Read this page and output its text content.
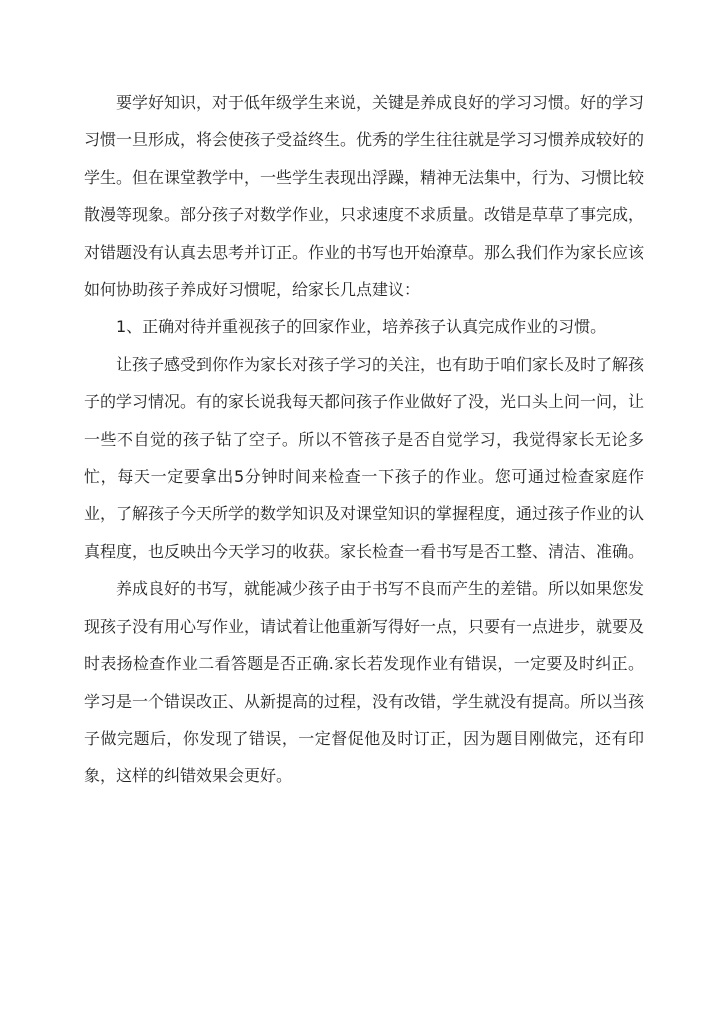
要学好知识，对于低年级学生来说，关键是养成良好的学习习惯。好的学习习惯一旦形成，将会使孩子受益终生。优秀的学生往往就是学习习惯养成较好的学生。但在课堂教学中，一些学生表现出浮躁，精神无法集中，行为、习惯比较散漫等现象。部分孩子对数学作业，只求速度不求质量。改错是草草了事完成，对错题没有认真去思考并订正。作业的书写也开始潦草。那么我们作为家长应该如何协助孩子养成好习惯呢，给家长几点建议：

1、正确对待并重视孩子的回家作业，培养孩子认真完成作业的习惯。

让孩子感受到你作为家长对孩子学习的关注，也有助于咱们家长及时了解孩子的学习情况。有的家长说我每天都问孩子作业做好了没，光口头上问一问，让一些不自觉的孩子钻了空子。所以不管孩子是否自觉学习，我觉得家长无论多忙，每天一定要拿出5分钟时间来检查一下孩子的作业。您可通过检查家庭作业，了解孩子今天所学的数学知识及对课堂知识的掌握程度，通过孩子作业的认真程度，也反映出今天学习的收获。家长检查一看书写是否工整、清洁、准确。

养成良好的书写，就能减少孩子由于书写不良而产生的差错。所以如果您发现孩子没有用心写作业，请试着让他重新写得好一点，只要有一点进步，就要及时表扬检查作业二看答题是否正确.家长若发现作业有错误，一定要及时纠正。学习是一个错误改正、从新提高的过程，没有改错，学生就没有提高。所以当孩子做完题后，你发现了错误，一定督促他及时订正，因为题目刚做完，还有印象，这样的纠错效果会更好。
